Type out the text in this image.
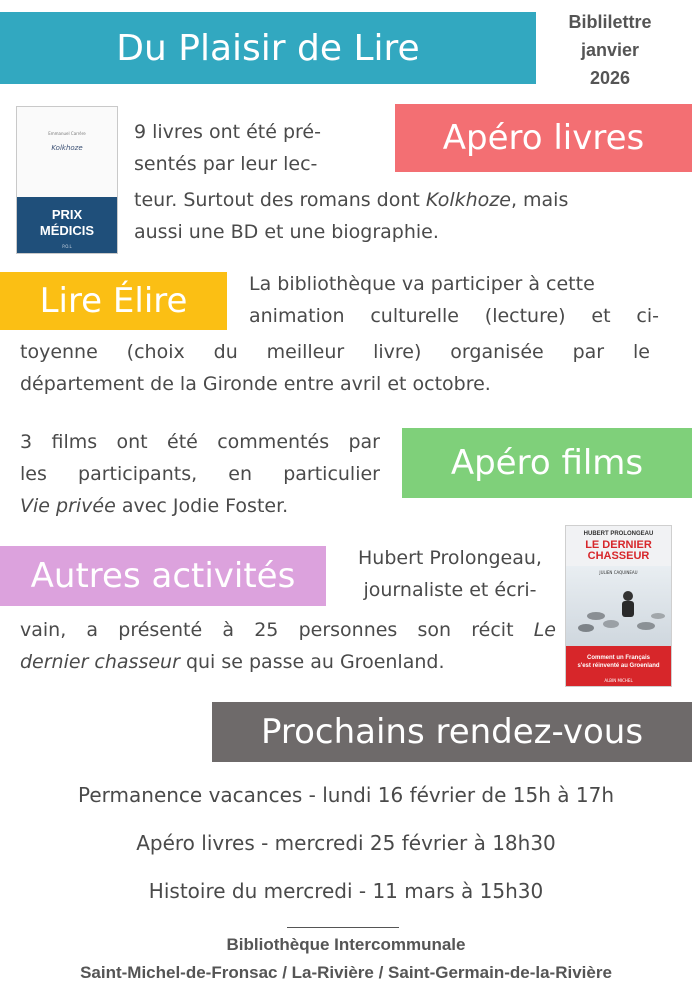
Du Plaisir de Lire
Biblilettre
janvier
2026
Emmanuel Carrère
Kolkhoze
PRIX
MÉDICIS
P.O.L
Apéro livres
9 livres ont été pré-
sentés par leur lec-
teur. Surtout des romans dont Kolkhoze, mais
aussi une BD et une biographie.
Lire Élire	La bibliothèque va participer à cette
animation culturelle (lecture) et ci-
toyenne (choix du meilleur livre) organisée par le
département de la Gironde entre avril et octobre.
3 films ont été commentés par
les participants, en particulier
Vie privée avec Jodie Foster.
Apéro films
Autres activités	Hubert Prolongeau,
journaliste et écri-
vain, a présenté à 25 personnes son récit Le
dernier chasseur qui se passe au Groenland.
HUBERT PROLONGEAU
LE DERNIER
CHASSEUR
JULIEN CAQUINEAU
Comment un Français
s'est réinventé au Groenland
ALBIN MICHEL
Prochains rendez-vous
Permanence vacances - lundi 16 février de 15h à 17h
Apéro livres - mercredi 25 février à 18h30
Histoire du mercredi - 11 mars à 15h30
Bibliothèque Intercommunale
Saint-Michel-de-Fronsac / La-Rivière / Saint-Germain-de-la-Rivière
